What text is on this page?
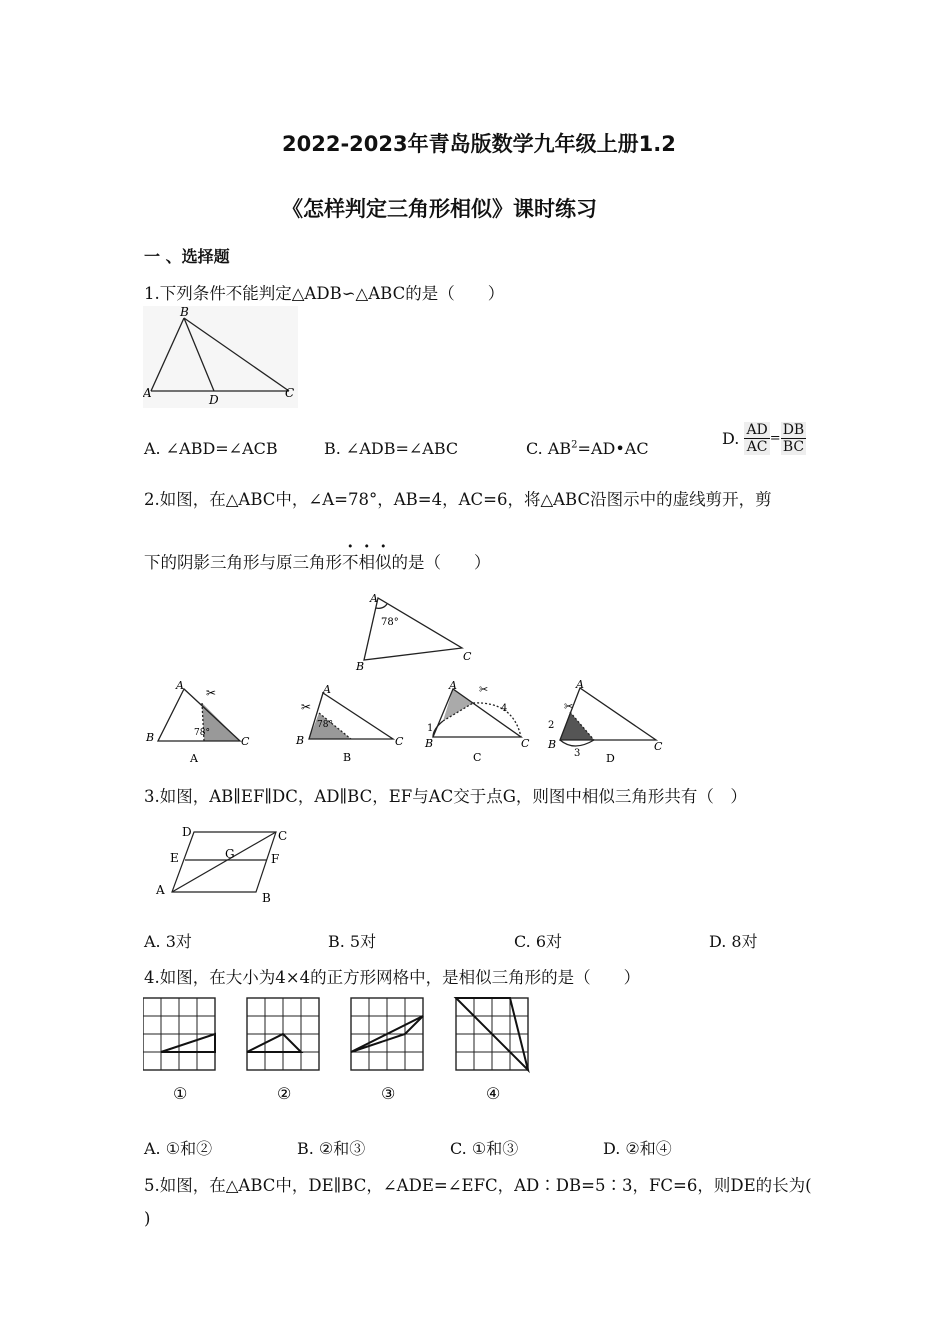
2022-2023年青岛版数学九年级上册1.2
《怎样判定三角形相似》课时练习
一 、选择题
1.下列条件不能判定△ADB∽△ABC的是（　　）
B
A	D	C
A. ∠ABD=∠ACB	B. ∠ADB=∠ABC	C. $AB^2=AD•AC$
D. $\frac{AD}{AC} = \frac{DB}{BC}$
2.如图，在△ABC中，∠A=78°，AB=4，AC=6，将△ABC沿图示中的虚线剪开，剪
下的阴影三角形与原三角形不相似的是（　　）
A
78°
B
C
✂
A
B	C
78°
A
✂
A
B	C
78°
B
A
B	C
1
4
✂
C
✂
A
B	C
2
3 D
3.如图，AB∥EF∥DC，AD∥BC，EF与AC交于点G，则图中相似三角形共有（　）
D	C
E	G	F
A
B
A. 3对	B. 5对	C. 6对	D. 8对
4.如图，在大小为4×4的正方形网格中，是相似三角形的是（　　）
①	②	③	④
A. ①和②	B. ②和③	C. ①和③	D. ②和④
5.如图，在△ABC中，DE∥BC，∠ADE=∠EFC，AD∶DB=5∶3，FC=6，则DE的长为(
)
